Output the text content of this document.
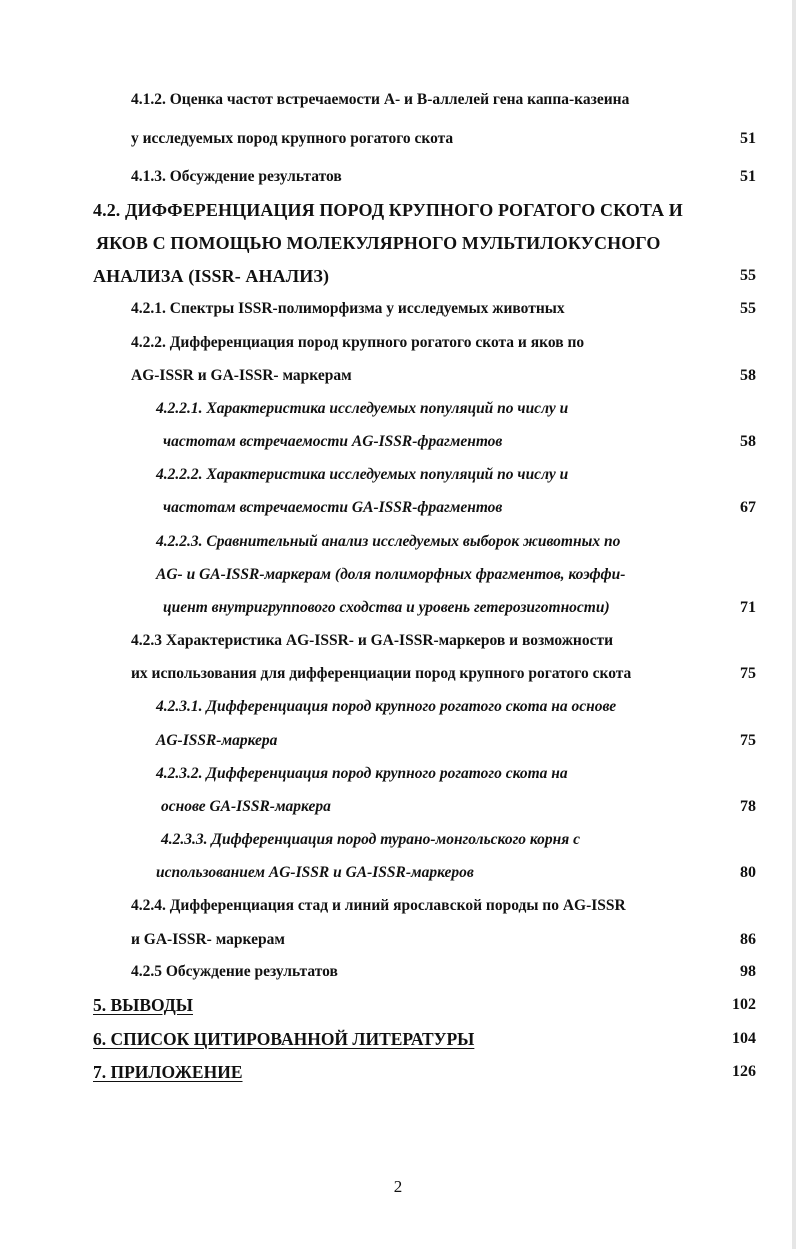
4.1.2. Оценка частот встречаемости А- и В-аллелей гена каппа-казеина
у исследуемых пород крупного рогатого скота	51
4.1.3. Обсуждение результатов	51
4.2. ДИФФЕРЕНЦИАЦИЯ ПОРОД КРУПНОГО РОГАТОГО СКОТА И
ЯКОВ С ПОМОЩЬЮ МОЛЕКУЛЯРНОГО МУЛЬТИЛОКУСНОГО
АНАЛИЗА (ISSR- АНАЛИЗ)	55
4.2.1. Спектры ISSR-полиморфизма у исследуемых животных	55
4.2.2. Дифференциация пород крупного рогатого скота и яков по
AG-ISSR и GA-ISSR- маркерам	58
4.2.2.1. Характеристика исследуемых популяций по числу и
частотам встречаемости AG-ISSR-фрагментов	58
4.2.2.2. Характеристика исследуемых популяций по числу и
частотам встречаемости GA-ISSR-фрагментов	67
4.2.2.3. Сравнительный анализ исследуемых выборок животных по
AG- и GA-ISSR-маркерам (доля полиморфных фрагментов, коэффи-
циент внутригруппового сходства и уровень гетерозиготности)	71
4.2.3 Характеристика AG-ISSR- и GA-ISSR-маркеров и возможности
их использования для дифференциации пород крупного рогатого скота	75
4.2.3.1. Дифференциация пород крупного рогатого скота на основе
AG-ISSR-маркера	75
4.2.3.2. Дифференциация пород крупного рогатого скота на
основе GA-ISSR-маркера	78
4.2.3.3. Дифференциация пород турано-монгольского корня с
использованием AG-ISSR и GA-ISSR-маркеров	80
4.2.4. Дифференциация стад и линий ярославской породы по AG-ISSR
и GA-ISSR- маркерам	86
4.2.5 Обсуждение результатов	98
5. ВЫВОДЫ	102
6. СПИСОК ЦИТИРОВАННОЙ ЛИТЕРАТУРЫ	104
7. ПРИЛОЖЕНИЕ	126
2
